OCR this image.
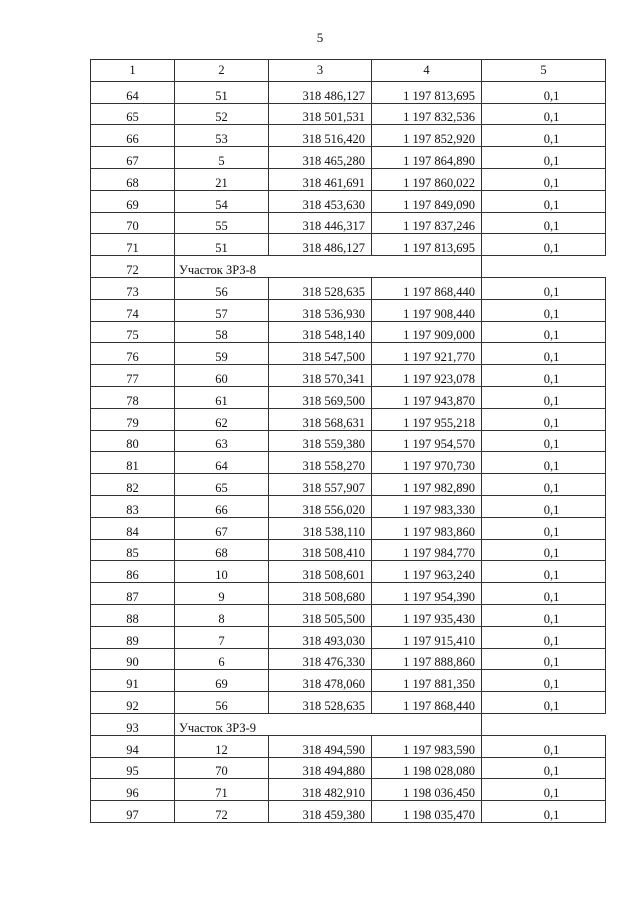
5
1	2	3	4	5
64	51	318 486,127	1 197 813,695	0,1
65	52	318 501,531	1 197 832,536	0,1
66	53	318 516,420	1 197 852,920	0,1
67	5	318 465,280	1 197 864,890	0,1
68	21	318 461,691	1 197 860,022	0,1
69	54	318 453,630	1 197 849,090	0,1
70	55	318 446,317	1 197 837,246	0,1
71	51	318 486,127	1 197 813,695	0,1
72	Участок ЗРЗ-8			
73	56	318 528,635	1 197 868,440	0,1
74	57	318 536,930	1 197 908,440	0,1
75	58	318 548,140	1 197 909,000	0,1
76	59	318 547,500	1 197 921,770	0,1
77	60	318 570,341	1 197 923,078	0,1
78	61	318 569,500	1 197 943,870	0,1
79	62	318 568,631	1 197 955,218	0,1
80	63	318 559,380	1 197 954,570	0,1
81	64	318 558,270	1 197 970,730	0,1
82	65	318 557,907	1 197 982,890	0,1
83	66	318 556,020	1 197 983,330	0,1
84	67	318 538,110	1 197 983,860	0,1
85	68	318 508,410	1 197 984,770	0,1
86	10	318 508,601	1 197 963,240	0,1
87	9	318 508,680	1 197 954,390	0,1
88	8	318 505,500	1 197 935,430	0,1
89	7	318 493,030	1 197 915,410	0,1
90	6	318 476,330	1 197 888,860	0,1
91	69	318 478,060	1 197 881,350	0,1
92	56	318 528,635	1 197 868,440	0,1
93	Участок ЗРЗ-9			
94	12	318 494,590	1 197 983,590	0,1
95	70	318 494,880	1 198 028,080	0,1
96	71	318 482,910	1 198 036,450	0,1
97	72	318 459,380	1 198 035,470	0,1
